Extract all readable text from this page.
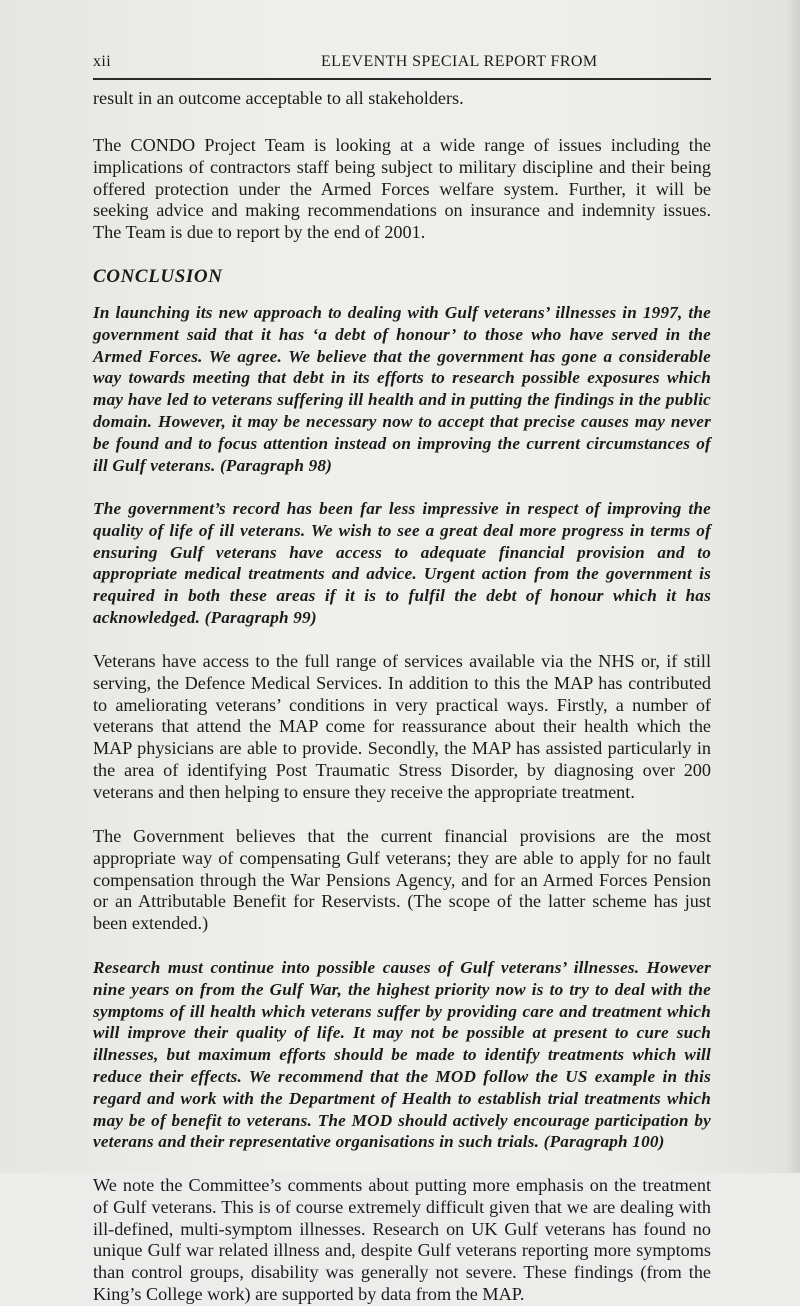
xii	ELEVENTH SPECIAL REPORT FROM

result in an outcome acceptable to all stakeholders.

The CONDO Project Team is looking at a wide range of issues including the implications of contractors staff being subject to military discipline and their being offered protection under the Armed Forces welfare system. Further, it will be seeking advice and making recommendations on insurance and indemnity issues. The Team is due to report by the end of 2001.

CONCLUSION

In launching its new approach to dealing with Gulf veterans’ illnesses in 1997, the government said that it has ‘a debt of honour’ to those who have served in the Armed Forces. We agree. We believe that the government has gone a considerable way towards meeting that debt in its efforts to research possible exposures which may have led to veterans suffering ill health and in putting the findings in the public domain. However, it may be necessary now to accept that precise causes may never be found and to focus attention instead on improving the current circumstances of ill Gulf veterans. (Paragraph 98)

The government’s record has been far less impressive in respect of improving the quality of life of ill veterans. We wish to see a great deal more progress in terms of ensuring Gulf veterans have access to adequate financial provision and to appropriate medical treatments and advice. Urgent action from the government is required in both these areas if it is to fulfil the debt of honour which it has acknowledged. (Paragraph 99)

Veterans have access to the full range of services available via the NHS or, if still serving, the Defence Medical Services. In addition to this the MAP has contributed to ameliorating veterans’ conditions in very practical ways. Firstly, a number of veterans that attend the MAP come for reassurance about their health which the MAP physicians are able to provide. Secondly, the MAP has assisted particularly in the area of identifying Post Traumatic Stress Disorder, by diagnosing over 200 veterans and then helping to ensure they receive the appropriate treatment.

The Government believes that the current financial provisions are the most appropriate way of compensating Gulf veterans; they are able to apply for no fault compensation through the War Pensions Agency, and for an Armed Forces Pension or an Attributable Benefit for Reservists. (The scope of the latter scheme has just been extended.)

Research must continue into possible causes of Gulf veterans’ illnesses. However nine years on from the Gulf War, the highest priority now is to try to deal with the symptoms of ill health which veterans suffer by providing care and treatment which will improve their quality of life. It may not be possible at present to cure such illnesses, but maximum efforts should be made to identify treatments which will reduce their effects. We recommend that the MOD follow the US example in this regard and work with the Department of Health to establish trial treatments which may be of benefit to veterans. The MOD should actively encourage participation by veterans and their representative organisations in such trials. (Paragraph 100)

We note the Committee’s comments about putting more emphasis on the treatment of Gulf veterans. This is of course extremely difficult given that we are dealing with ill-defined, multi-symptom illnesses. Research on UK Gulf veterans has found no unique Gulf war related illness and, despite Gulf veterans reporting more symptoms than control groups, disability was generally not severe. These findings (from the King’s College work) are supported by data from the MAP.
